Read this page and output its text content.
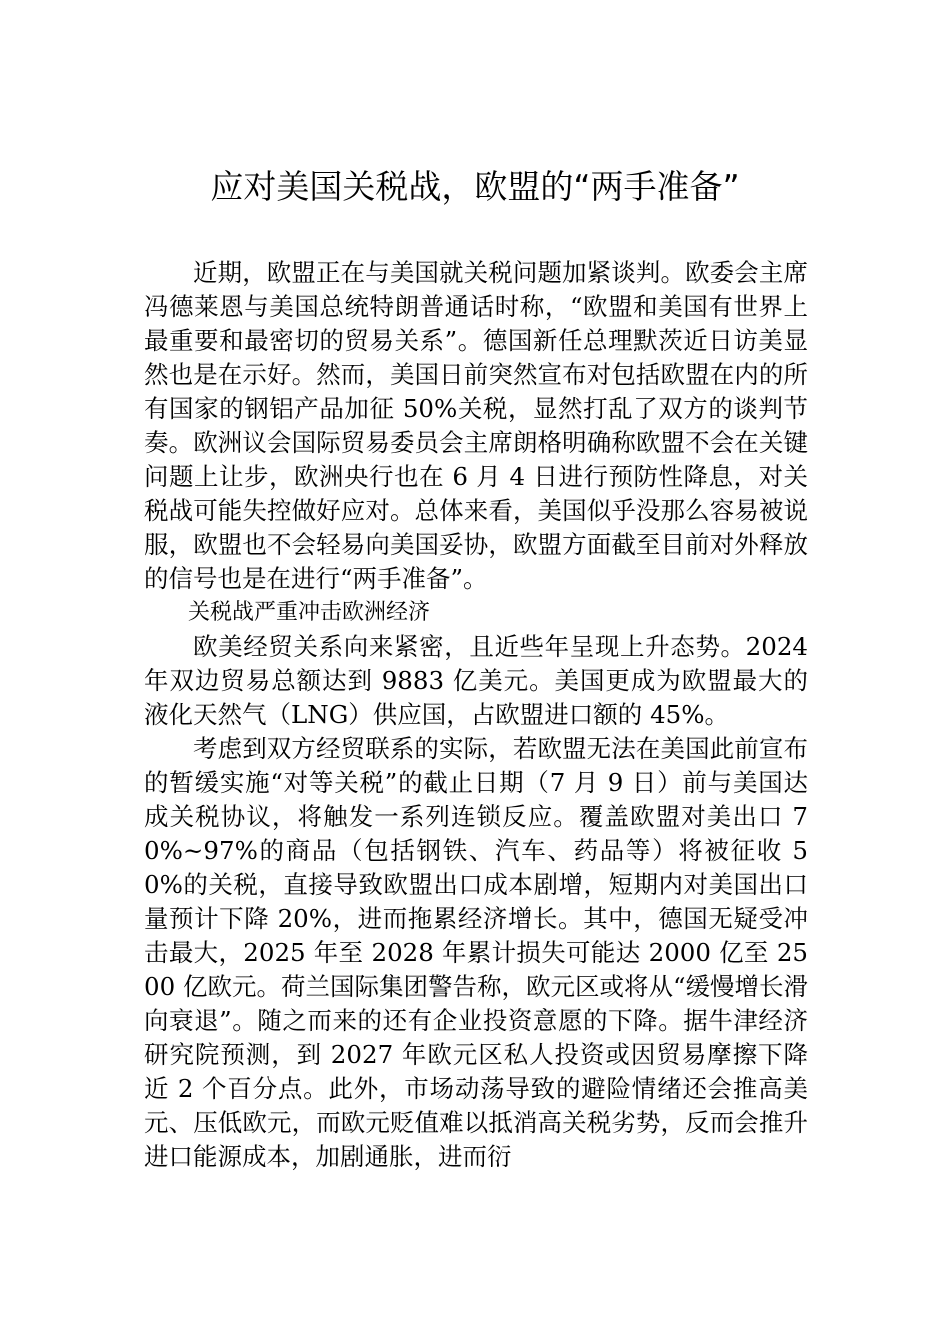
应对美国关税战，欧盟的“两手准备”

近期，欧盟正在与美国就关税问题加紧谈判。欧委会主席冯德莱恩与美国总统特朗普通话时称，“欧盟和美国有世界上最重要和最密切的贸易关系”。德国新任总理默茨近日访美显然也是在示好。然而，美国日前突然宣布对包括欧盟在内的所有国家的钢铝产品加征 50%关税，显然打乱了双方的谈判节奏。欧洲议会国际贸易委员会主席朗格明确称欧盟不会在关键问题上让步，欧洲央行也在 6 月 4 日进行预防性降息，对关税战可能失控做好应对。总体来看，美国似乎没那么容易被说服，欧盟也不会轻易向美国妥协，欧盟方面截至目前对外释放的信号也是在进行“两手准备”。

关税战严重冲击欧洲经济

欧美经贸关系向来紧密，且近些年呈现上升态势。2024 年双边贸易总额达到 9883 亿美元。美国更成为欧盟最大的液化天然气（LNG）供应国，占欧盟进口额的 45%。

考虑到双方经贸联系的实际，若欧盟无法在美国此前宣布的暂缓实施“对等关税”的截止日期（7 月 9 日）前与美国达成关税协议，将触发一系列连锁反应。覆盖欧盟对美出口 70%~97%的商品（包括钢铁、汽车、药品等）将被征收 50%的关税，直接导致欧盟出口成本剧增，短期内对美国出口量预计下降 20%，进而拖累经济增长。其中，德国无疑受冲击最大，2025 年至 2028 年累计损失可能达 2000 亿至 2500 亿欧元。荷兰国际集团警告称，欧元区或将从“缓慢增长滑向衰退”。随之而来的还有企业投资意愿的下降。据牛津经济研究院预测，到 2027 年欧元区私人投资或因贸易摩擦下降近 2 个百分点。此外，市场动荡导致的避险情绪还会推高美元、压低欧元，而欧元贬值难以抵消高关税劣势，反而会推升进口能源成本，加剧通胀，进而衍
